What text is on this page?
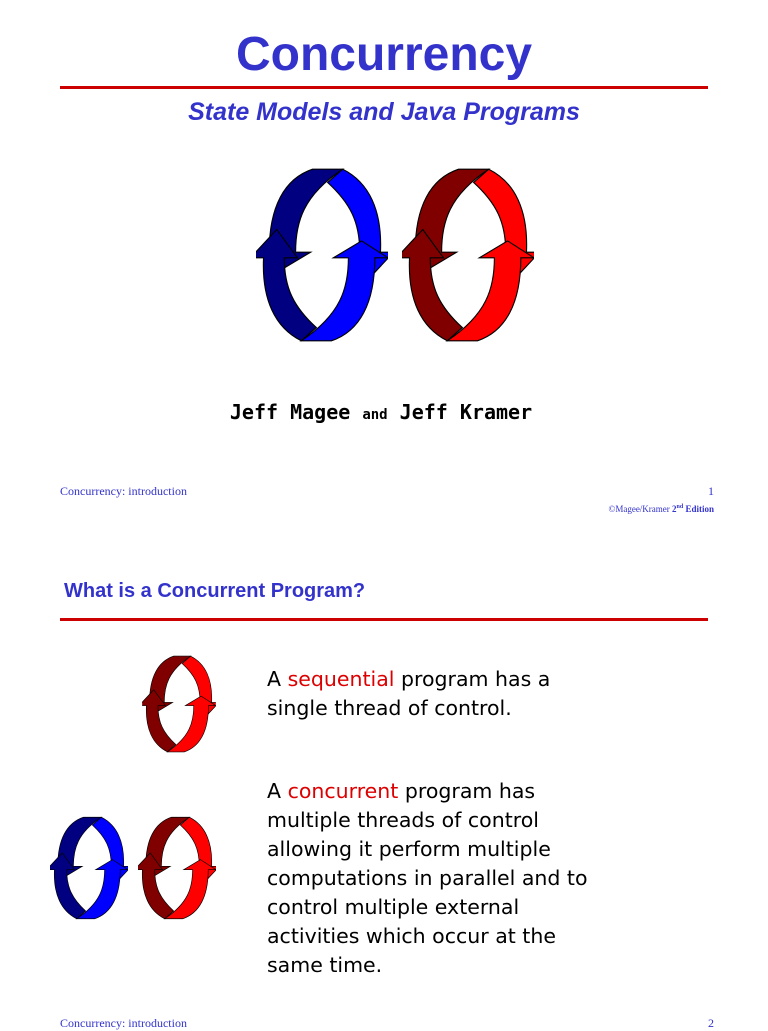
Concurrency
State Models and Java Programs
Jeff Magee and Jeff Kramer
Concurrency: introduction	1
©Magee/Kramer 2nd Edition
What is a Concurrent Program?
A sequential program has a
single thread of control.
A concurrent program has
multiple threads of control
allowing it perform multiple
computations in parallel and to
control multiple external
activities which occur at the
same time.
Concurrency: introduction	2
